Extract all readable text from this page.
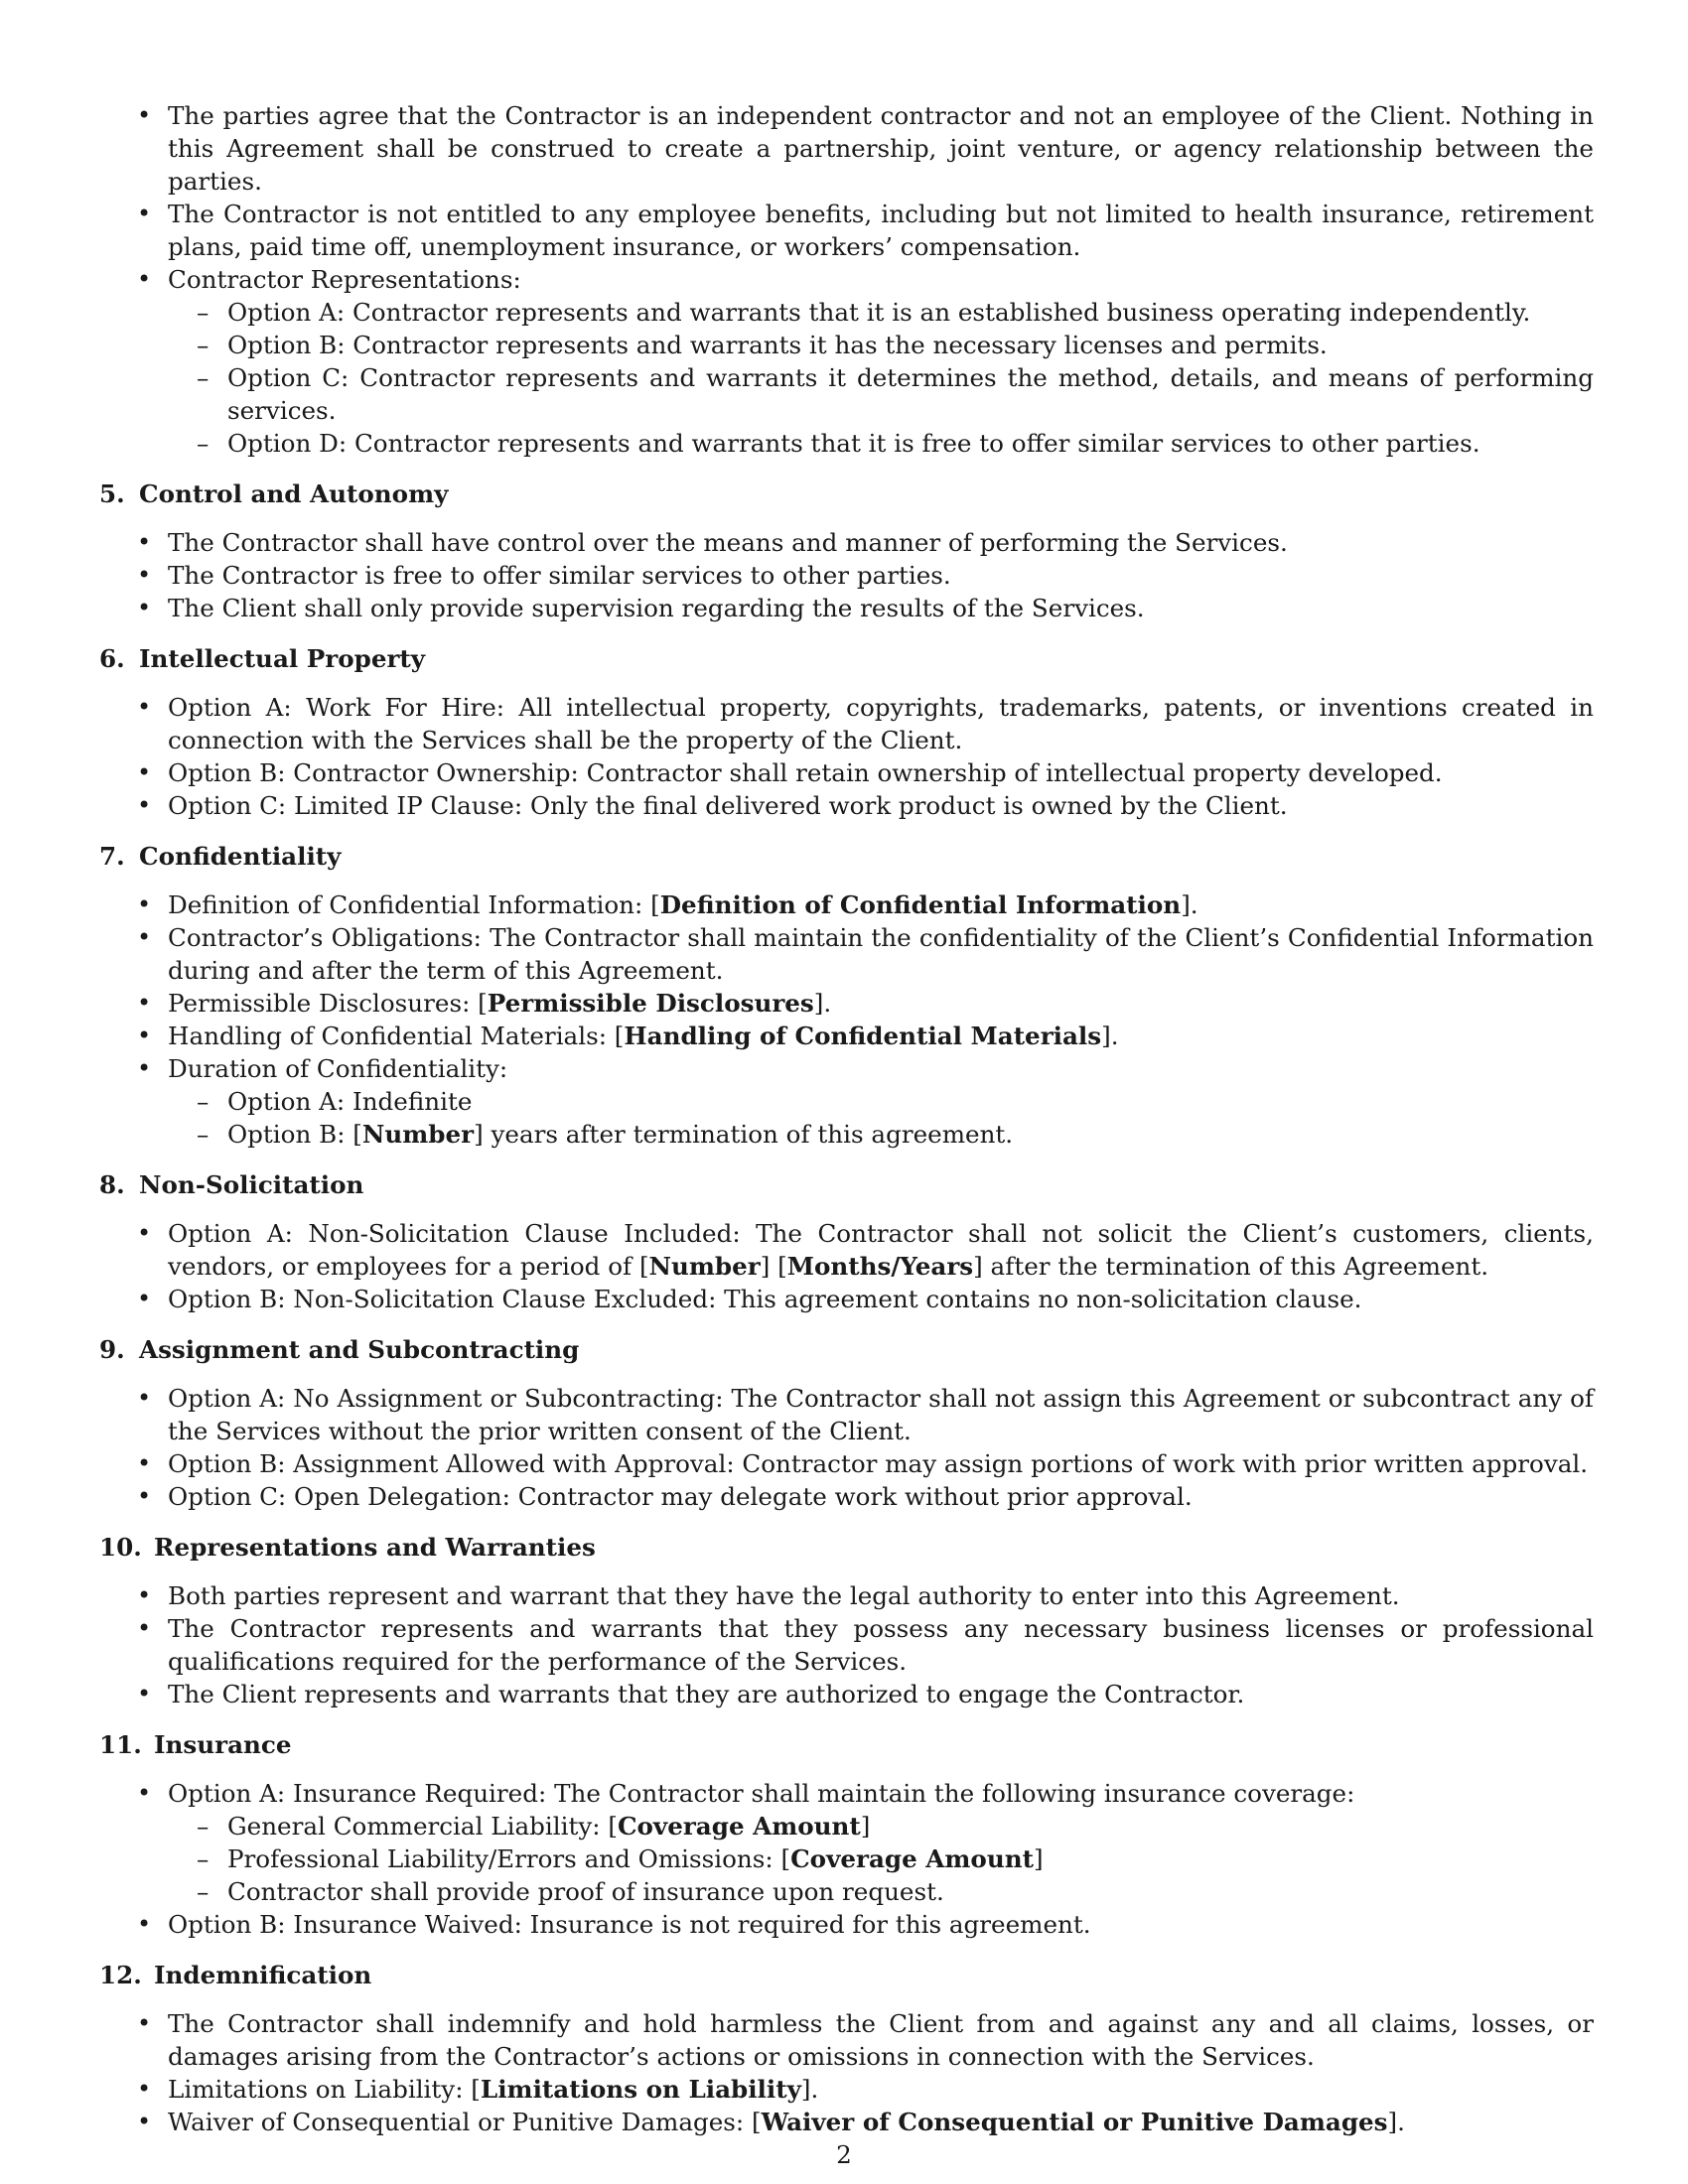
• The parties agree that the Contractor is an independent contractor and not an employee of the Client. Nothing in this Agreement shall be construed to create a partnership, joint venture, or agency relationship between the parties.
• The Contractor is not entitled to any employee benefits, including but not limited to health insurance, retirement plans, paid time off, unemployment insurance, or workers’ compensation.
• Contractor Representations:
– Option A: Contractor represents and warrants that it is an established business operating independently.
– Option B: Contractor represents and warrants it has the necessary licenses and permits.
– Option C: Contractor represents and warrants it determines the method, details, and means of performing services.
– Option D: Contractor represents and warrants that it is free to offer similar services to other parties.
5. Control and Autonomy
• The Contractor shall have control over the means and manner of performing the Services.
• The Contractor is free to offer similar services to other parties.
• The Client shall only provide supervision regarding the results of the Services.
6. Intellectual Property
• Option A: Work For Hire: All intellectual property, copyrights, trademarks, patents, or inventions created in connection with the Services shall be the property of the Client.
• Option B: Contractor Ownership: Contractor shall retain ownership of intellectual property developed.
• Option C: Limited IP Clause: Only the final delivered work product is owned by the Client.
7. Confidentiality
• Definition of Confidential Information: [Definition of Confidential Information].
• Contractor’s Obligations: The Contractor shall maintain the confidentiality of the Client’s Confidential Information during and after the term of this Agreement.
• Permissible Disclosures: [Permissible Disclosures].
• Handling of Confidential Materials: [Handling of Confidential Materials].
• Duration of Confidentiality:
– Option A: Indefinite
– Option B: [Number] years after termination of this agreement.
8. Non-Solicitation
• Option A: Non-Solicitation Clause Included: The Contractor shall not solicit the Client’s customers, clients, vendors, or employees for a period of [Number] [Months/Years] after the termination of this Agreement.
• Option B: Non-Solicitation Clause Excluded: This agreement contains no non-solicitation clause.
9. Assignment and Subcontracting
• Option A: No Assignment or Subcontracting: The Contractor shall not assign this Agreement or subcontract any of the Services without the prior written consent of the Client.
• Option B: Assignment Allowed with Approval: Contractor may assign portions of work with prior written approval.
• Option C: Open Delegation: Contractor may delegate work without prior approval.
10. Representations and Warranties
• Both parties represent and warrant that they have the legal authority to enter into this Agreement.
• The Contractor represents and warrants that they possess any necessary business licenses or professional qualifications required for the performance of the Services.
• The Client represents and warrants that they are authorized to engage the Contractor.
11. Insurance
• Option A: Insurance Required: The Contractor shall maintain the following insurance coverage:
– General Commercial Liability: [Coverage Amount]
– Professional Liability/Errors and Omissions: [Coverage Amount]
– Contractor shall provide proof of insurance upon request.
• Option B: Insurance Waived: Insurance is not required for this agreement.
12. Indemnification
• The Contractor shall indemnify and hold harmless the Client from and against any and all claims, losses, or damages arising from the Contractor’s actions or omissions in connection with the Services.
• Limitations on Liability: [Limitations on Liability].
• Waiver of Consequential or Punitive Damages: [Waiver of Consequential or Punitive Damages].
2
